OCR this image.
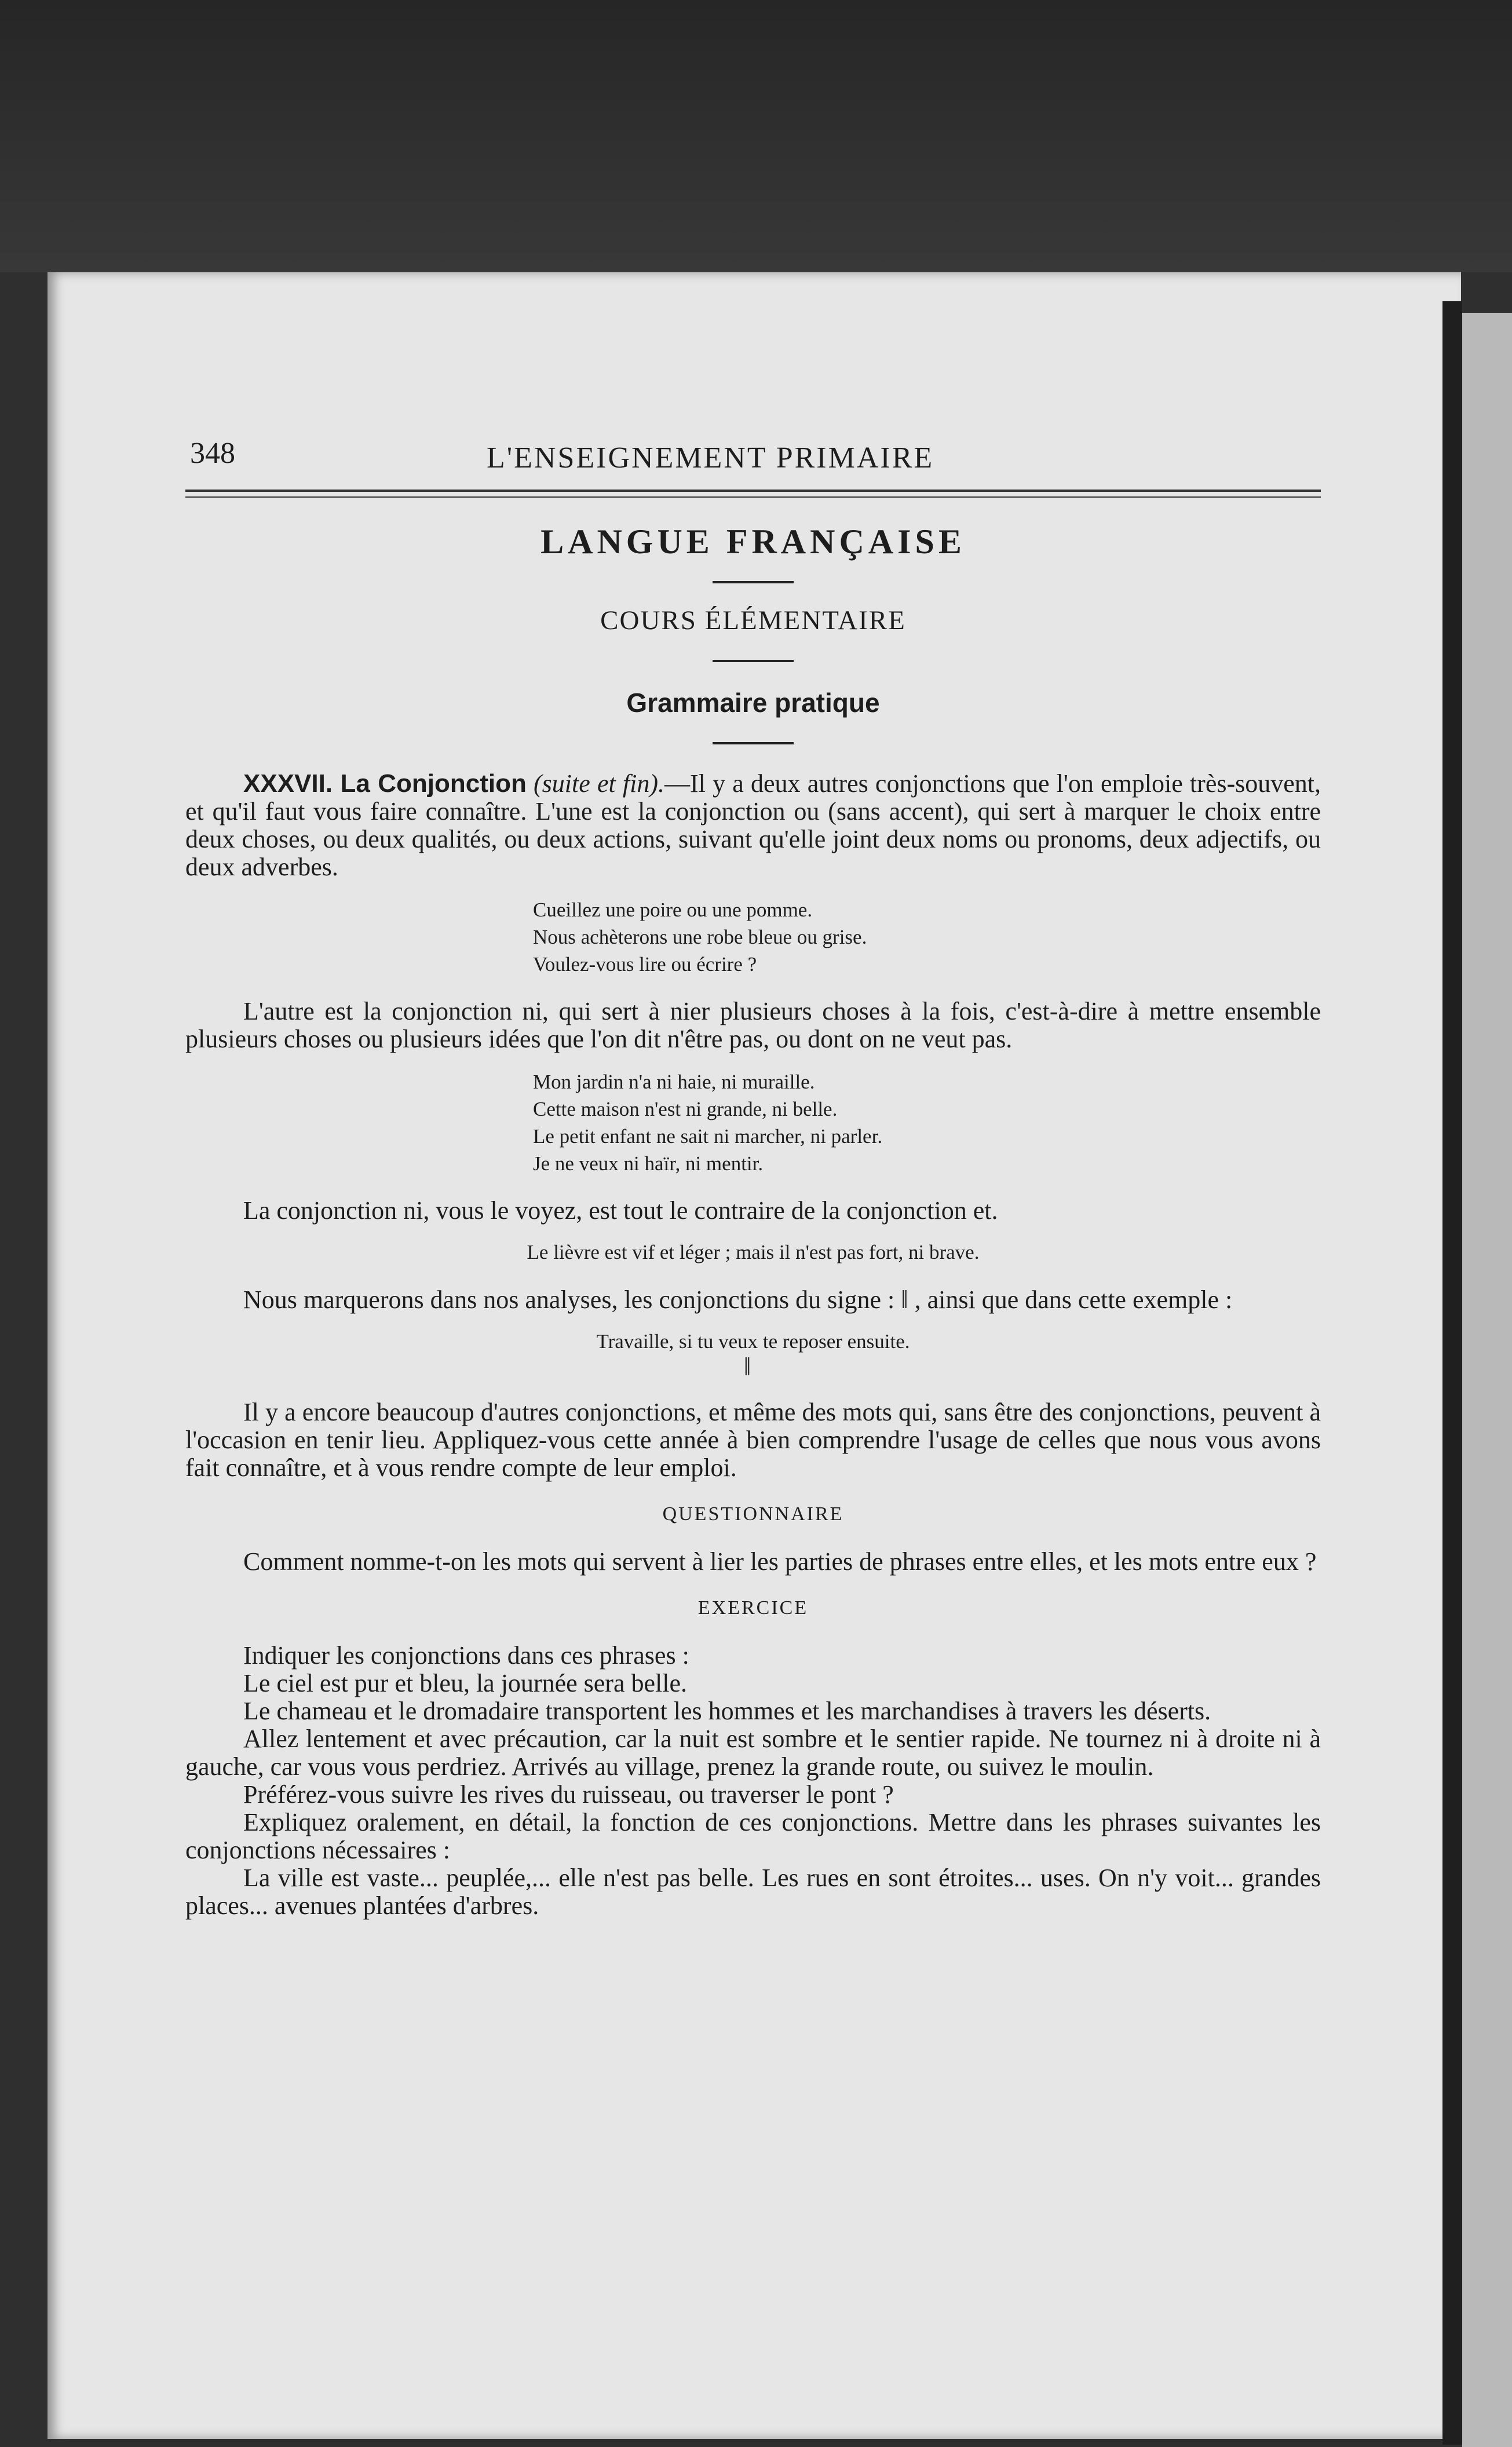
348	L'ENSEIGNEMENT PRIMAIRE
LANGUE FRANÇAISE
COURS ÉLÉMENTAIRE
Grammaire pratique

XXXVII. La Conjonction (suite et fin).—Il y a deux autres conjonctions que l'on emploie très-souvent, et qu'il faut vous faire connaître. L'une est la conjonction ou (sans accent), qui sert à marquer le choix entre deux choses, ou deux qualités, ou deux actions, suivant qu'elle joint deux noms ou pronoms, deux adjectifs, ou deux adverbes.

Cueillez une poire ou une pomme.
Nous achèterons une robe bleue ou grise.
Voulez-vous lire ou écrire ?

L'autre est la conjonction ni, qui sert à nier plusieurs choses à la fois, c'est-à-dire à mettre ensemble plusieurs choses ou plusieurs idées que l'on dit n'être pas, ou dont on ne veut pas.

Mon jardin n'a ni haie, ni muraille.
Cette maison n'est ni grande, ni belle.
Le petit enfant ne sait ni marcher, ni parler.
Je ne veux ni haïr, ni mentir.

La conjonction ni, vous le voyez, est tout le contraire de la conjonction et.

Le lièvre est vif et léger ; mais il n'est pas fort, ni brave.

Nous marquerons dans nos analyses, les conjonctions du signe : ‖ , ainsi que dans cette exemple :

Travaille, si tu veux te reposer ensuite.
‖

Il y a encore beaucoup d'autres conjonctions, et même des mots qui, sans être des conjonctions, peuvent à l'occasion en tenir lieu. Appliquez-vous cette année à bien comprendre l'usage de celles que nous vous avons fait connaître, et à vous rendre compte de leur emploi.

QUESTIONNAIRE

Comment nomme-t-on les mots qui servent à lier les parties de phrases entre elles, et les mots entre eux ?

EXERCICE

Indiquer les conjonctions dans ces phrases :

Le ciel est pur et bleu, la journée sera belle.

Le chameau et le dromadaire transportent les hommes et les marchandises à travers les déserts.

Allez lentement et avec précaution, car la nuit est sombre et le sentier rapide. Ne tournez ni à droite ni à gauche, car vous vous perdriez. Arrivés au village, prenez la grande route, ou suivez le moulin.

Préférez-vous suivre les rives du ruisseau, ou traverser le pont ?

Expliquez oralement, en détail, la fonction de ces conjonctions. Mettre dans les phrases suivantes les conjonctions nécessaires :

La ville est vaste... peuplée,... elle n'est pas belle. Les rues en sont étroites... uses. On n'y voit... grandes places... avenues plantées d'arbres.
